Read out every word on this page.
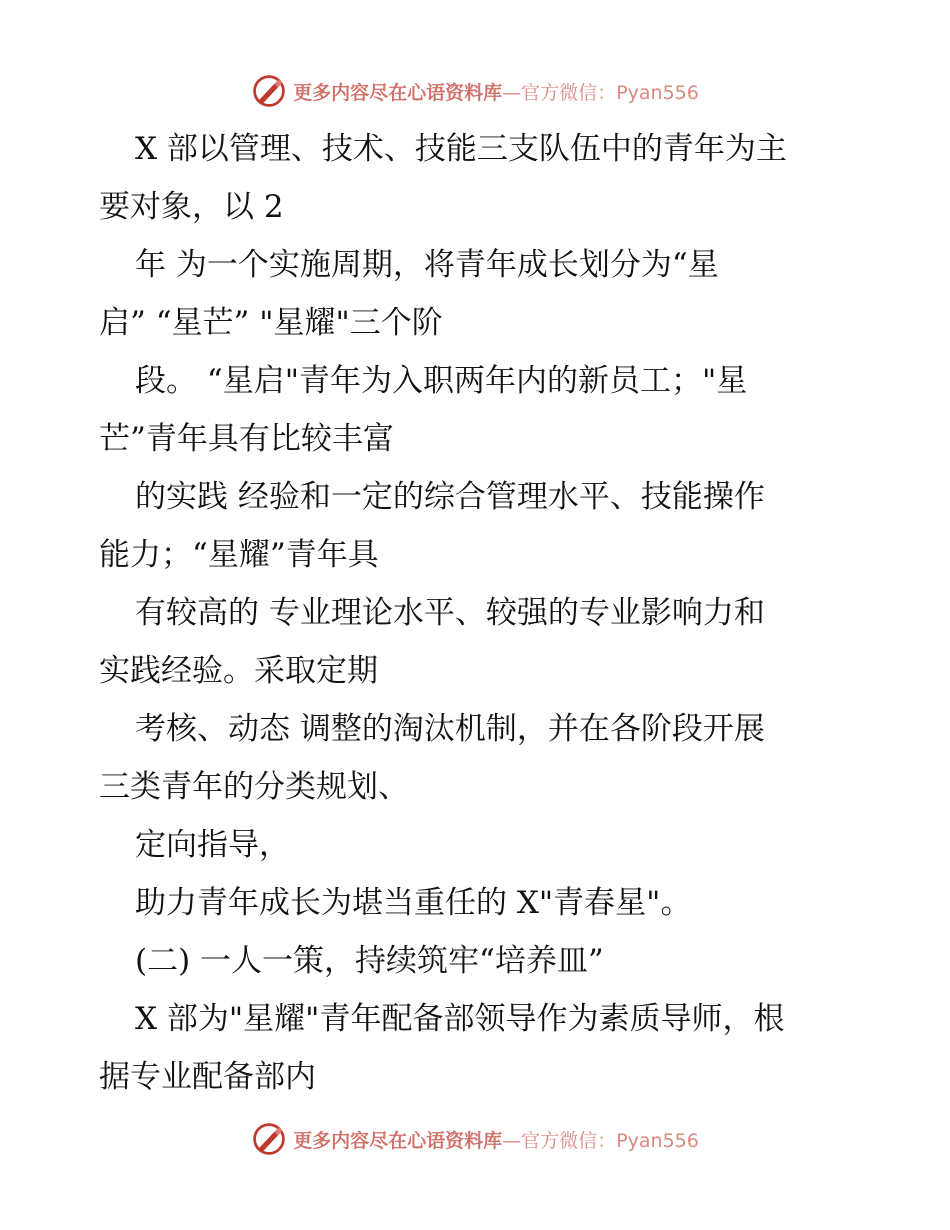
更多内容尽在心语资料库—官方微信：Pyan556
X 部以管理、技术、技能三支队伍中的青年为主
要对象，以 2
年 为一个实施周期，将青年成长划分为“星
启” “星芒” "星耀"三个阶
段。 “星启"青年为入职两年内的新员工；"星
芒”青年具有比较丰富
的实践 经验和一定的综合管理水平、技能操作
能力；“星耀”青年具
有较高的 专业理论水平、较强的专业影响力和
实践经验。采取定期
考核、动态 调整的淘汰机制，并在各阶段开展
三类青年的分类规划、
定向指导，
助力青年成长为堪当重任的 X"青春星"。
(二) 一人一策，持续筑牢“培养皿”
X 部为"星耀"青年配备部领导作为素质导师，根
据专业配备部内
更多内容尽在心语资料库—官方微信：Pyan556
